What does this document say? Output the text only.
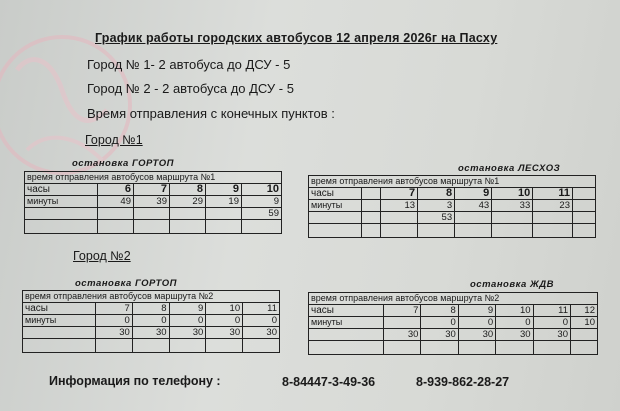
График работы городских автобусов 12 апреля 2026г на Пасху
Город № 1- 2 автобуса до ДСУ - 5
Город № 2 - 2 автобуса до ДСУ - 5
Время отправления с конечных пунктов :
Город №1
Город №2
остановка ГОРТОП
время отправления автобусов маршрута №1					
часы	6	7	8	9	10
минуты	49	39	29	19	9
					59

остановка ЛЕСХОЗ
время отправления автобусов маршрута №1							
часы		7	8	9	10	11	
минуты		13	3	43	33	23	
			53				

остановка ГОРТОП
время отправления автобусов маршрута №2					
часы	7	8	9	10	11
минуты	0	0	0	0	0
	30	30	30	30	30

остановка ЖДВ
время отправления автобусов маршрута №2						
часы	7	8	9	10	11	12
минуты		0	0	0	0	10
	30	30	30	30	30	

Информация по телефону :	8-84447-3-49-36	8-939-862-28-27
